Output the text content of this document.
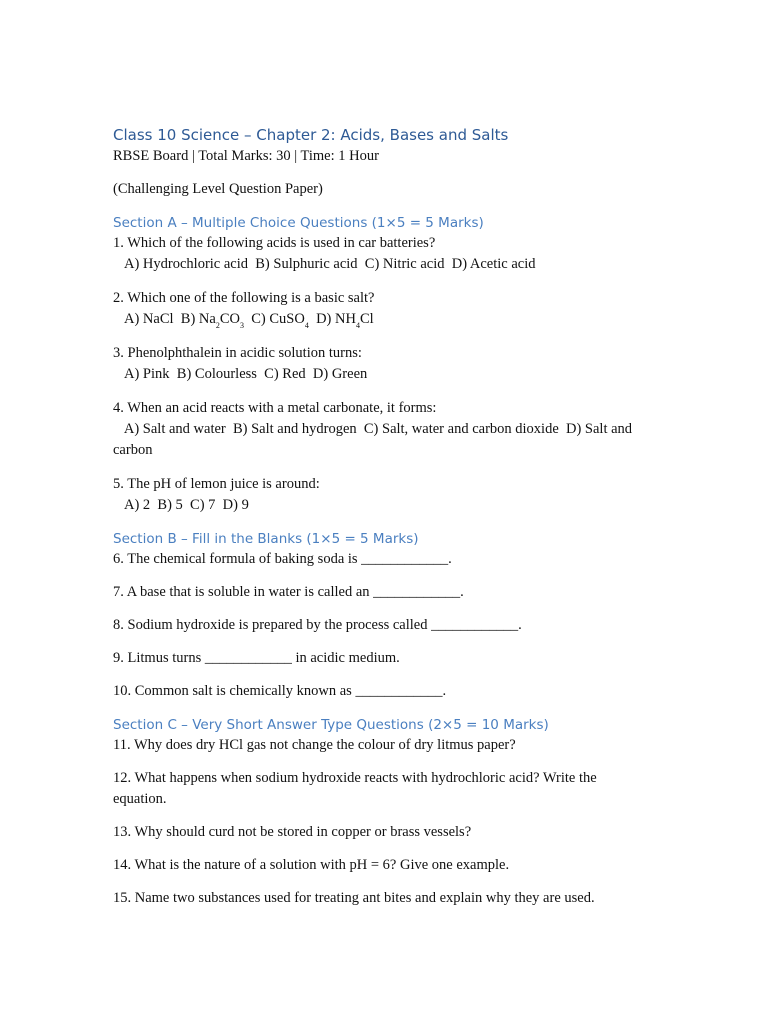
Class 10 Science – Chapter 2: Acids, Bases and Salts
RBSE Board | Total Marks: 30 | Time: 1 Hour
(Challenging Level Question Paper)
Section A – Multiple Choice Questions (1×5 = 5 Marks)
1. Which of the following acids is used in car batteries?
A) Hydrochloric acid  B) Sulphuric acid  C) Nitric acid  D) Acetic acid
2. Which one of the following is a basic salt?
A) NaCl  B) $Na_2CO_3$  C) CuSO$_4$  D) $NH_4Cl$
3. Phenolphthalein in acidic solution turns:
A) Pink  B) Colourless  C) Red  D) Green
4. When an acid reacts with a metal carbonate, it forms:
A) Salt and water  B) Salt and hydrogen  C) Salt, water and carbon dioxide  D) Salt and
carbon
5. The pH of lemon juice is around:
A) 2  B) 5  C) 7  D) 9
Section B – Fill in the Blanks (1×5 = 5 Marks)
6. The chemical formula of baking soda is ____________.
7. A base that is soluble in water is called an ____________.
8. Sodium hydroxide is prepared by the process called ____________.
9. Litmus turns ____________ in acidic medium.
10. Common salt is chemically known as ____________.
Section C – Very Short Answer Type Questions (2×5 = 10 Marks)
11. Why does dry HCl gas not change the colour of dry litmus paper?
12. What happens when sodium hydroxide reacts with hydrochloric acid? Write the
equation.
13. Why should curd not be stored in copper or brass vessels?
14. What is the nature of a solution with pH = 6? Give one example.
15. Name two substances used for treating ant bites and explain why they are used.
